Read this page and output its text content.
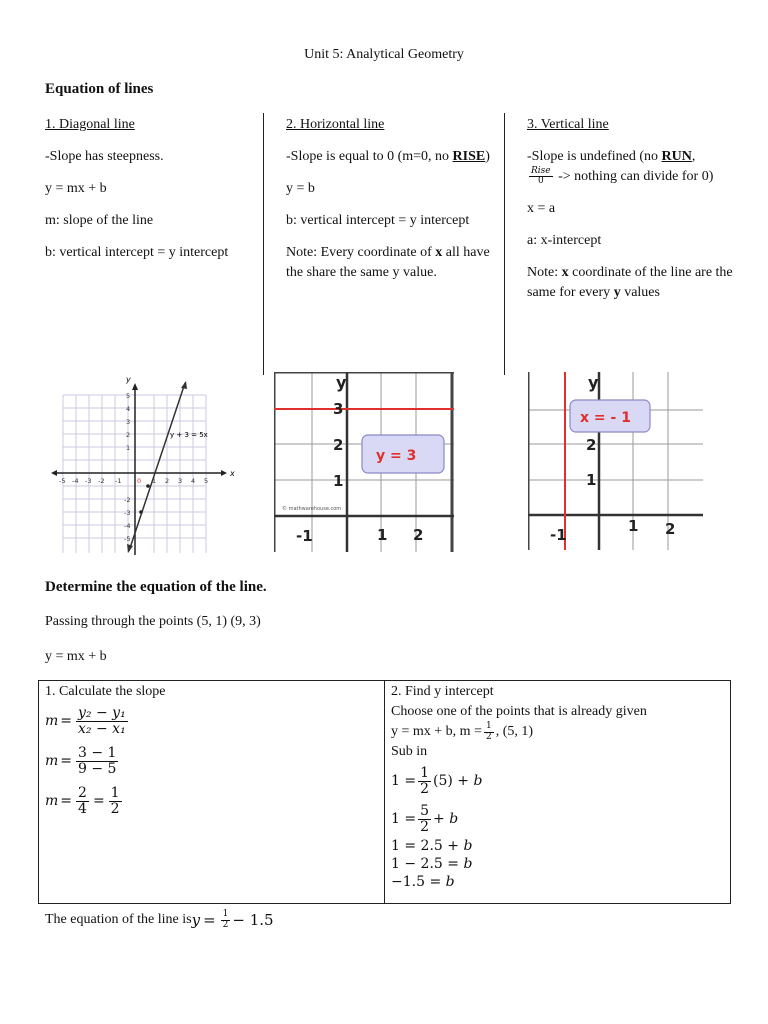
Unit 5: Analytical Geometry
Equation of lines

1. Diagonal line

-Slope has steepness.

y = mx + b

m: slope of the line

b: vertical intercept = y intercept

2. Horizontal line

-Slope is equal to 0 (m=0, no RISE)

y = b

b: vertical intercept = y intercept

Note: Every coordinate of x all have the share the same y value.

3. Vertical line

-Slope is undefined (no RUN,

$\frac{\text{Rise}}{0}$ -> nothing can divide for 0)

x = a

a: x-intercept

Note: x coordinate of the line are the same for every y values

x
y
y + 3 = 5x
-5 -4 -3 -2 -1 0 1 2 3 4 5
5
4
3
2
1
-2
-3
-4
-5
y = 3
y
3
2
1
-1	1 2
© mathwarehouse.com
x = - 1
y
2
1
-1	1 2
Determine the equation of the line.
Passing through the points (5, 1) (9, 3)
y = mx + b
1. Calculate the slope
$m = \frac{\text{y₂ − y₁}}{\text{x₂ − x₁}}$
$m = \frac{3 - 1}{9 - 5}$
$m = \frac{2}{4} = \frac{1}{2}$

2. Find y intercept
Choose one of the points that is already given
y = mx + b, $m = \frac{1}{2}$ , (5, 1)
Sub in
$1 = \frac{1}{2} (5)$ +
b
$1 = \frac{5}{2}$ +
b
1 = 2.5 + b
1 − 2.5 = b
−1.5 = b
The equation of the line is $y = \frac{1}{2} - 1.5$
